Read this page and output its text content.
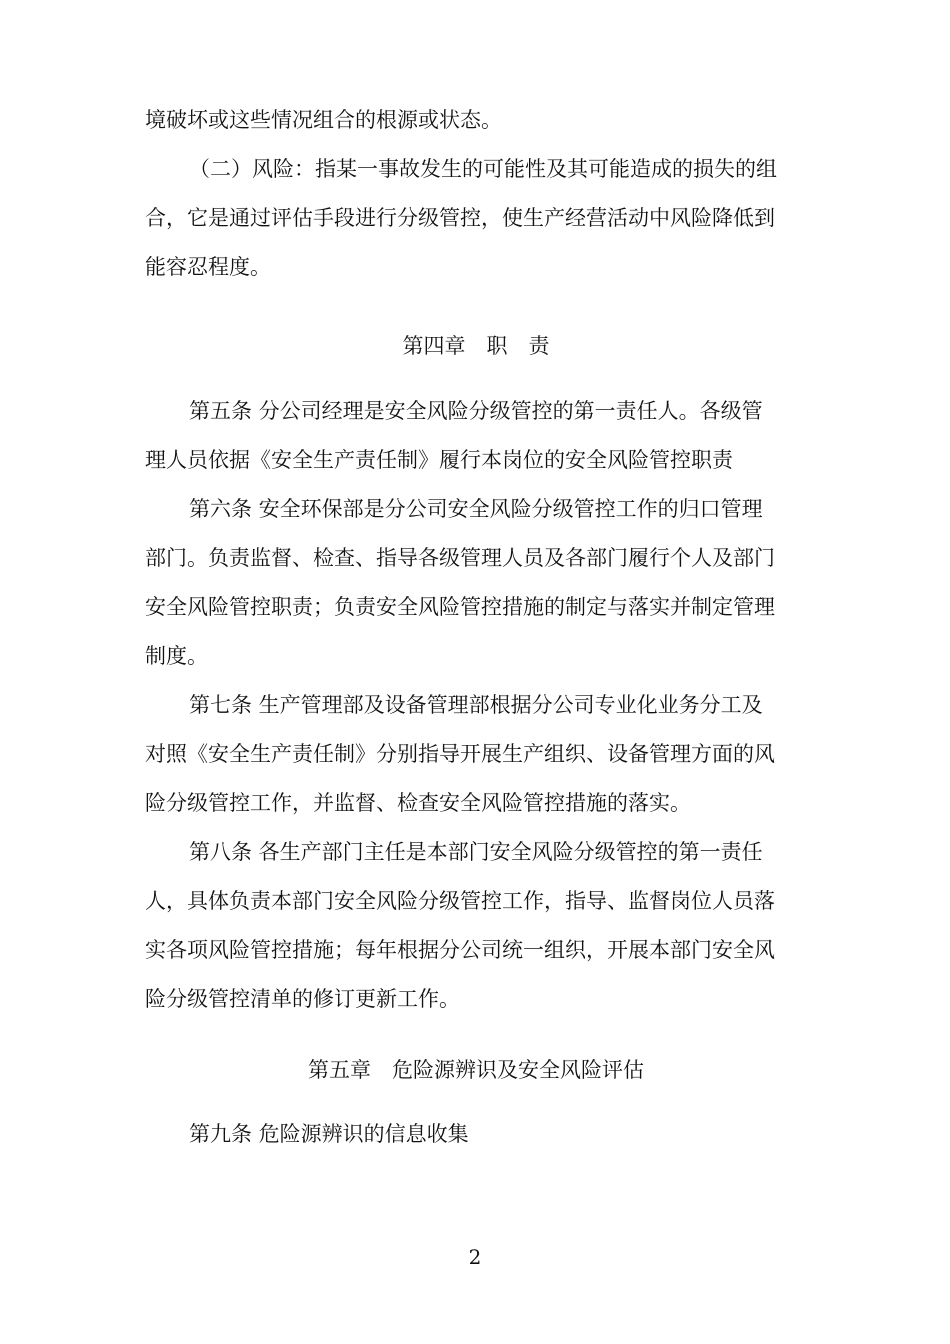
境破坏或这些情况组合的根源或状态。
（二）风险：指某一事故发生的可能性及其可能造成的损失的组
合，它是通过评估手段进行分级管控，使生产经营活动中风险降低到
能容忍程度。
第四章　职　责
第五条 分公司经理是安全风险分级管控的第一责任人。各级管
理人员依据《安全生产责任制》履行本岗位的安全风险管控职责
第六条 安全环保部是分公司安全风险分级管控工作的归口管理
部门。负责监督、检查、指导各级管理人员及各部门履行个人及部门
安全风险管控职责；负责安全风险管控措施的制定与落实并制定管理
制度。
第七条 生产管理部及设备管理部根据分公司专业化业务分工及
对照《安全生产责任制》分别指导开展生产组织、设备管理方面的风
险分级管控工作，并监督、检查安全风险管控措施的落实。
第八条 各生产部门主任是本部门安全风险分级管控的第一责任
人，具体负责本部门安全风险分级管控工作，指导、监督岗位人员落
实各项风险管控措施；每年根据分公司统一组织，开展本部门安全风
险分级管控清单的修订更新工作。
第五章　危险源辨识及安全风险评估
第九条 危险源辨识的信息收集
2
